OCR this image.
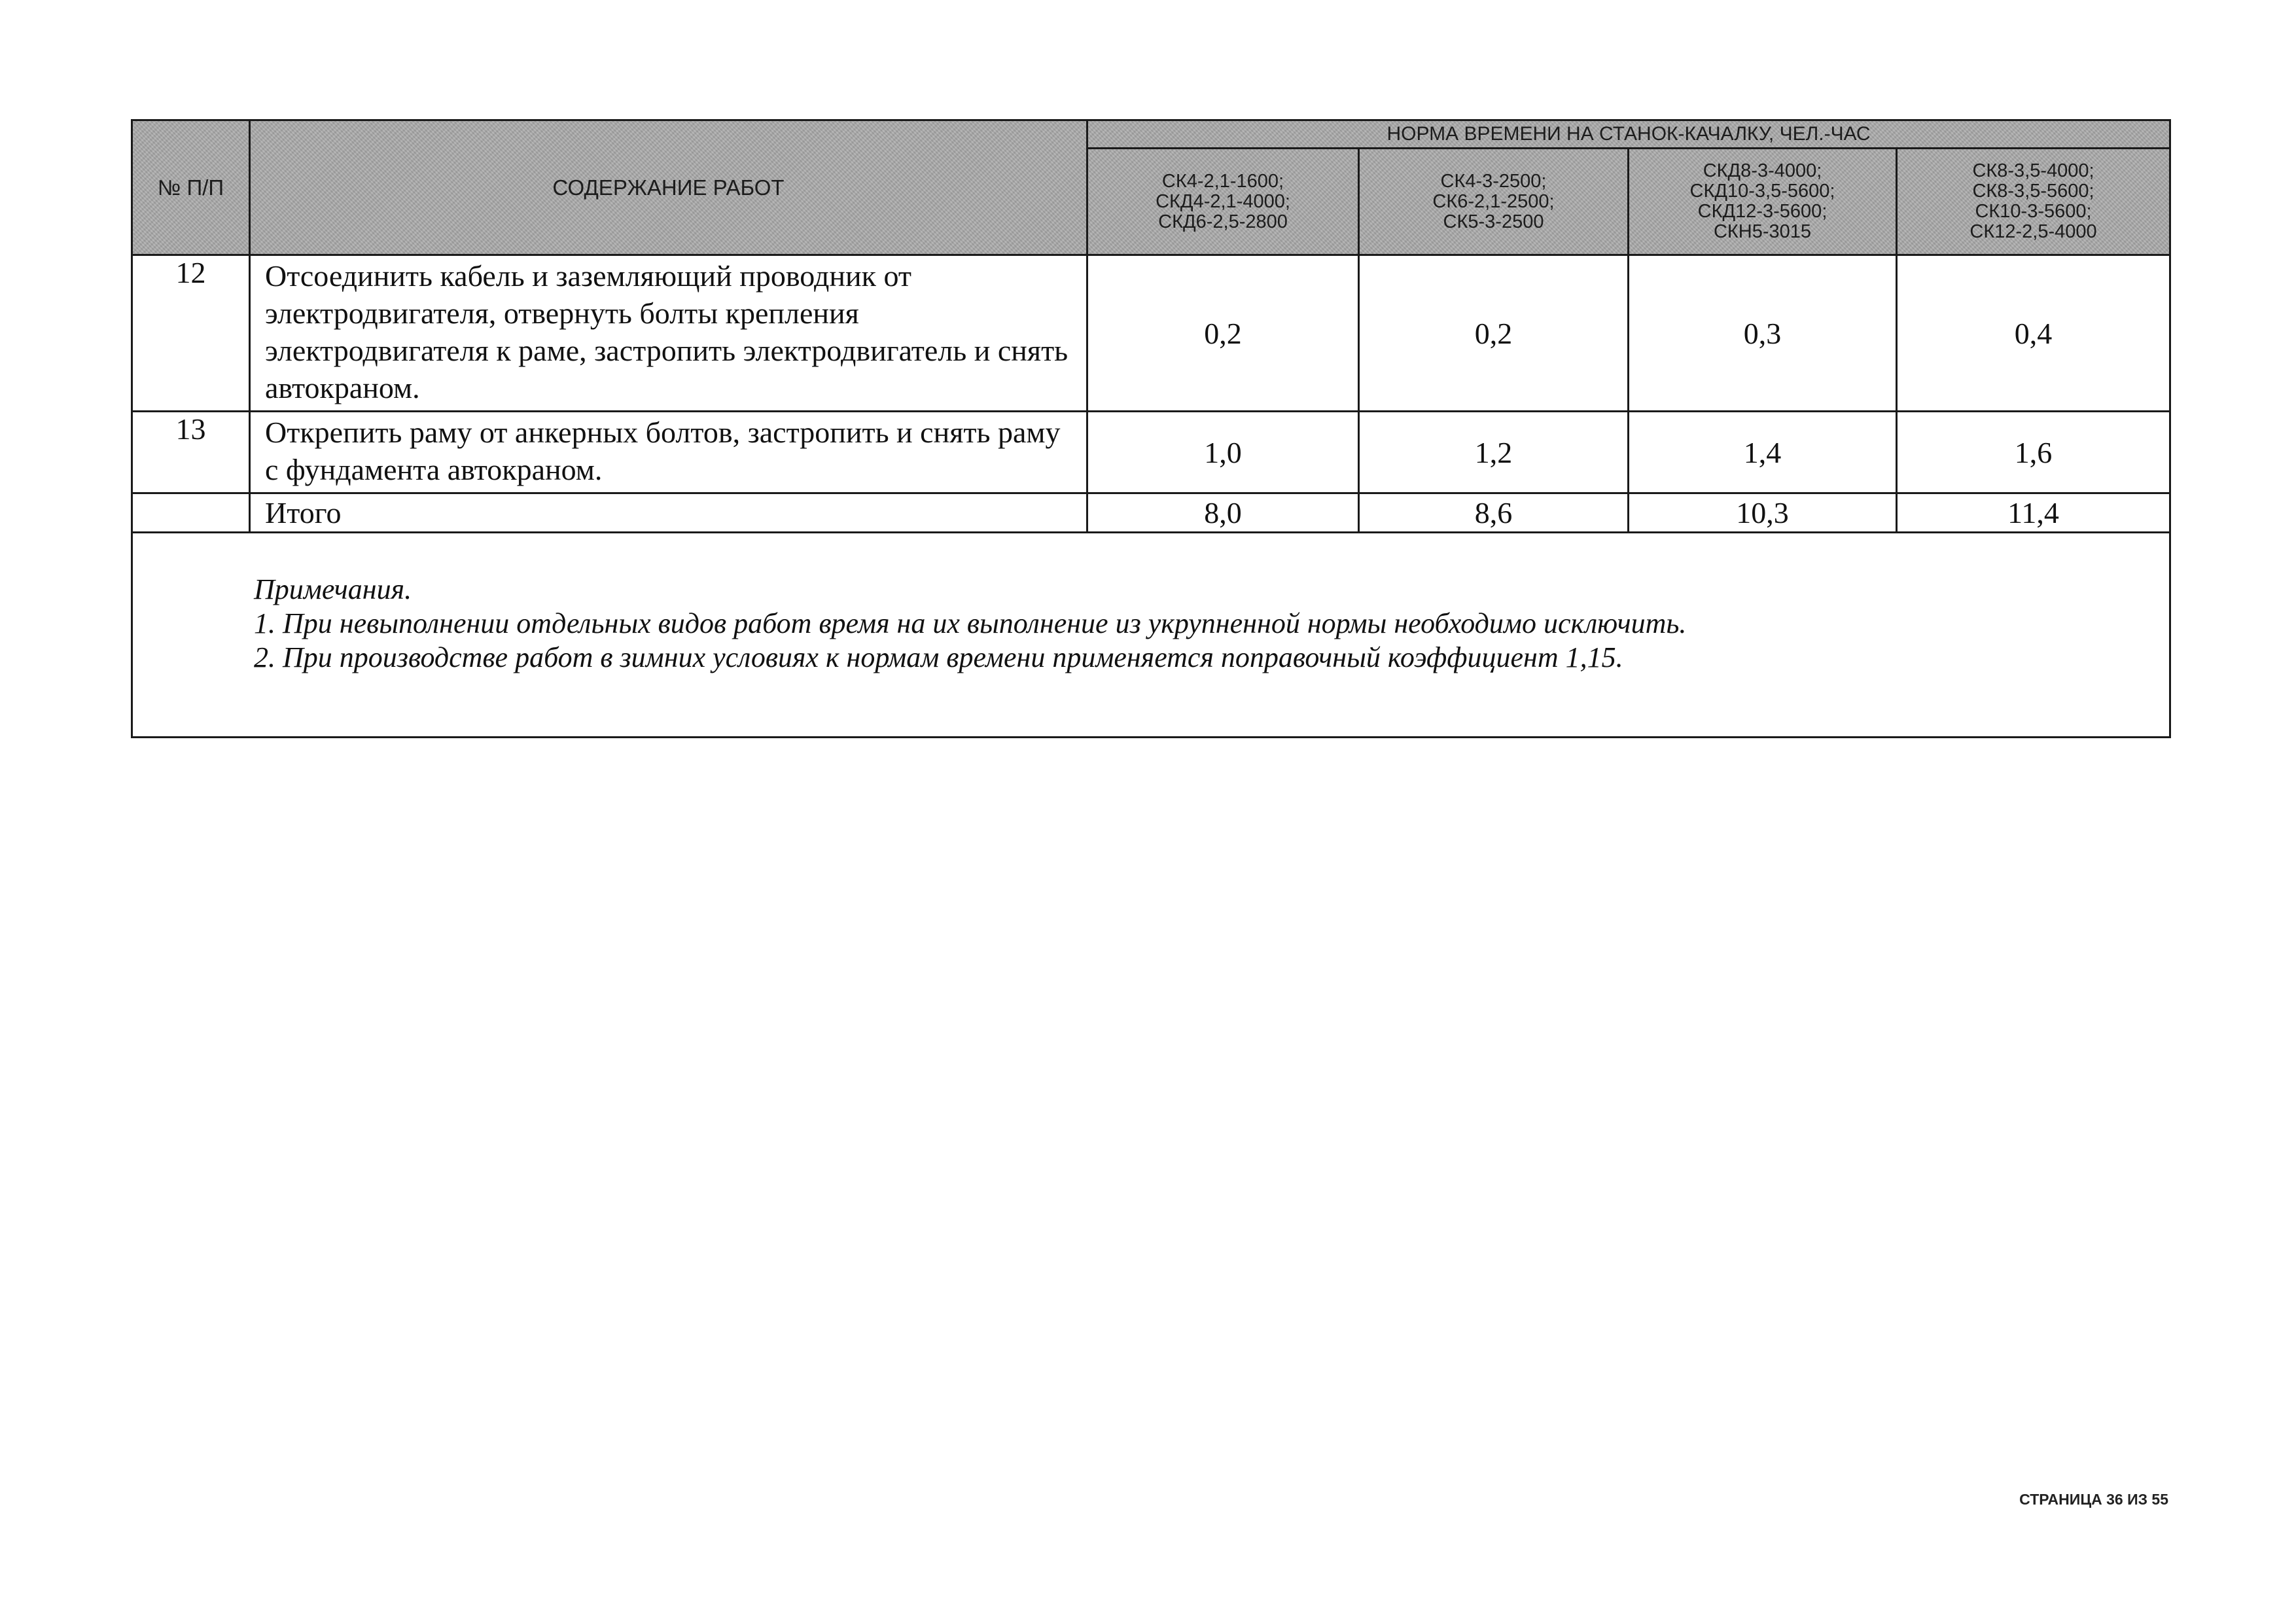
№ П/П	СОДЕРЖАНИЕ РАБОТ	НОРМА ВРЕМЕНИ НА СТАНОК-КАЧАЛКУ, ЧЕЛ.-ЧАС			
		СК4-2,1-1600;
СКД4-2,1-4000;
СКД6-2,5-2800	СК4-3-2500;
СК6-2,1-2500;
СК5-3-2500	СКД8-3-4000;
СКД10-3,5-5600;
СКД12-3-5600;
СКН5-3015	СК8-3,5-4000;
СК8-3,5-5600;
СК10-3-5600;
СК12-2,5-4000
12	Отсоединить кабель и заземляющий проводник от электродвигателя, отвернуть болты крепления электродвигателя к раме, застропить электродвигатель и снять автокраном.	0,2	0,2	0,3	0,4
13	Открепить раму от анкерных болтов, застропить и снять раму с фундамента автокраном.	1,0	1,2	1,4	1,6
	Итого	8,0	8,6	10,3	11,4

Примечания.
1. При невыполнении отдельных видов работ время на их выполнение из укрупненной нормы необходимо исключить.
2. При производстве работ в зимних условиях к нормам времени применяется поправочный коэффициент 1,15.					
СТРАНИЦА 36 ИЗ 55
